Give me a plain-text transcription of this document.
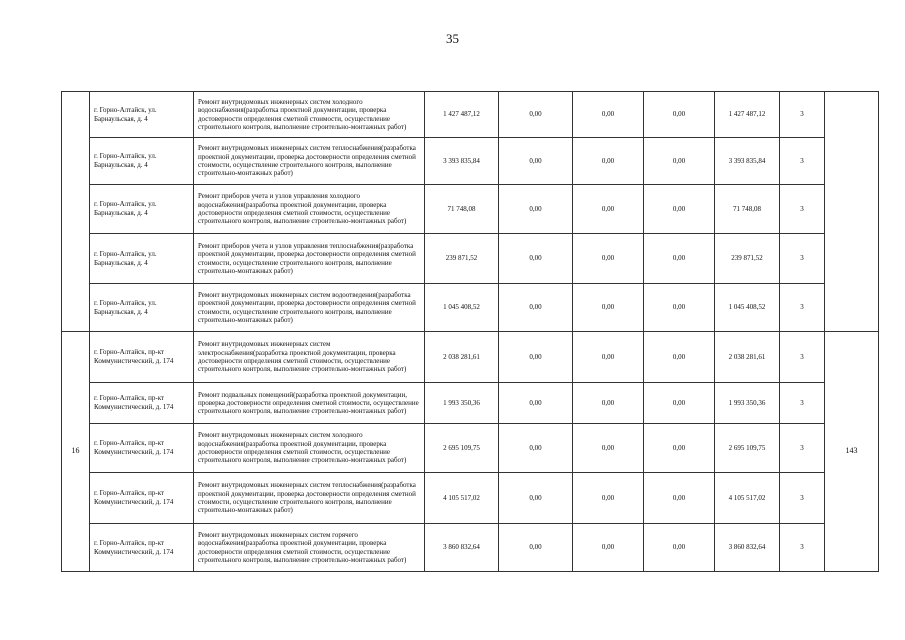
35
	г. Горно-Алтайск, ул. Барнаульская, д. 4	Ремонт внутридомовых инженерных систем холодного водоснабжения(разработка проектной документации, проверка достоверности определения сметной стоимости, осуществление строительного контроля, выполнение строительно-монтажных работ)	1 427 487,12	0,00	0,00	0,00	1 427 487,12	3	
	г. Горно-Алтайск, ул. Барнаульская, д. 4	Ремонт внутридомовых инженерных систем теплоснабжения(разработка проектной документации, проверка достоверности определения сметной стоимости, осуществление строительного контроля, выполнение строительно-монтажных работ)	3 393 835,84	0,00	0,00	0,00	3 393 835,84	3	
	г. Горно-Алтайск, ул. Барнаульская, д. 4	Ремонт приборов учета и узлов управления холодного водоснабжения(разработка проектной документации, проверка достоверности определения сметной стоимости, осуществление строительного контроля, выполнение строительно-монтажных работ)	71 748,08	0,00	0,00	0,00	71 748,08	3	
	г. Горно-Алтайск, ул. Барнаульская, д. 4	Ремонт приборов учета и узлов управления теплоснабжения(разработка проектной документации, проверка достоверности определения сметной стоимости, осуществление строительного контроля, выполнение строительно-монтажных работ)	239 871,52	0,00	0,00	0,00	239 871,52	3	
	г. Горно-Алтайск, ул. Барнаульская, д. 4	Ремонт внутридомовых инженерных систем водоотведения(разработка проектной документации, проверка достоверности определения сметной стоимости, осуществление строительного контроля, выполнение строительно-монтажных работ)	1 045 408,52	0,00	0,00	0,00	1 045 408,52	3	
16	г. Горно-Алтайск, пр-кт Коммунистический, д. 174	Ремонт внутридомовых инженерных систем электроснабжения(разработка проектной документации, проверка достоверности определения сметной стоимости, осуществление строительного контроля, выполнение строительно-монтажных работ)	2 038 281,61	0,00	0,00	0,00	2 038 281,61	3	143
	г. Горно-Алтайск, пр-кт Коммунистический, д. 174	Ремонт подвальных помещений(разработка проектной документации, проверка достоверности определения сметной стоимости, осуществление строительного контроля, выполнение строительно-монтажных работ)	1 993 350,36	0,00	0,00	0,00	1 993 350,36	3	
	г. Горно-Алтайск, пр-кт Коммунистический, д. 174	Ремонт внутридомовых инженерных систем холодного водоснабжения(разработка проектной документации, проверка достоверности определения сметной стоимости, осуществление строительного контроля, выполнение строительно-монтажных работ)	2 695 109,75	0,00	0,00	0,00	2 695 109,75	3	
	г. Горно-Алтайск, пр-кт Коммунистический, д. 174	Ремонт внутридомовых инженерных систем теплоснабжения(разработка проектной документации, проверка достоверности определения сметной стоимости, осуществление строительного контроля, выполнение строительно-монтажных работ)	4 105 517,02	0,00	0,00	0,00	4 105 517,02	3	
	г. Горно-Алтайск, пр-кт Коммунистический, д. 174	Ремонт внутридомовых инженерных систем горячего водоснабжения(разработка проектной документации, проверка достоверности определения сметной стоимости, осуществление строительного контроля, выполнение строительно-монтажных работ)	3 860 832,64	0,00	0,00	0,00	3 860 832,64	3	
